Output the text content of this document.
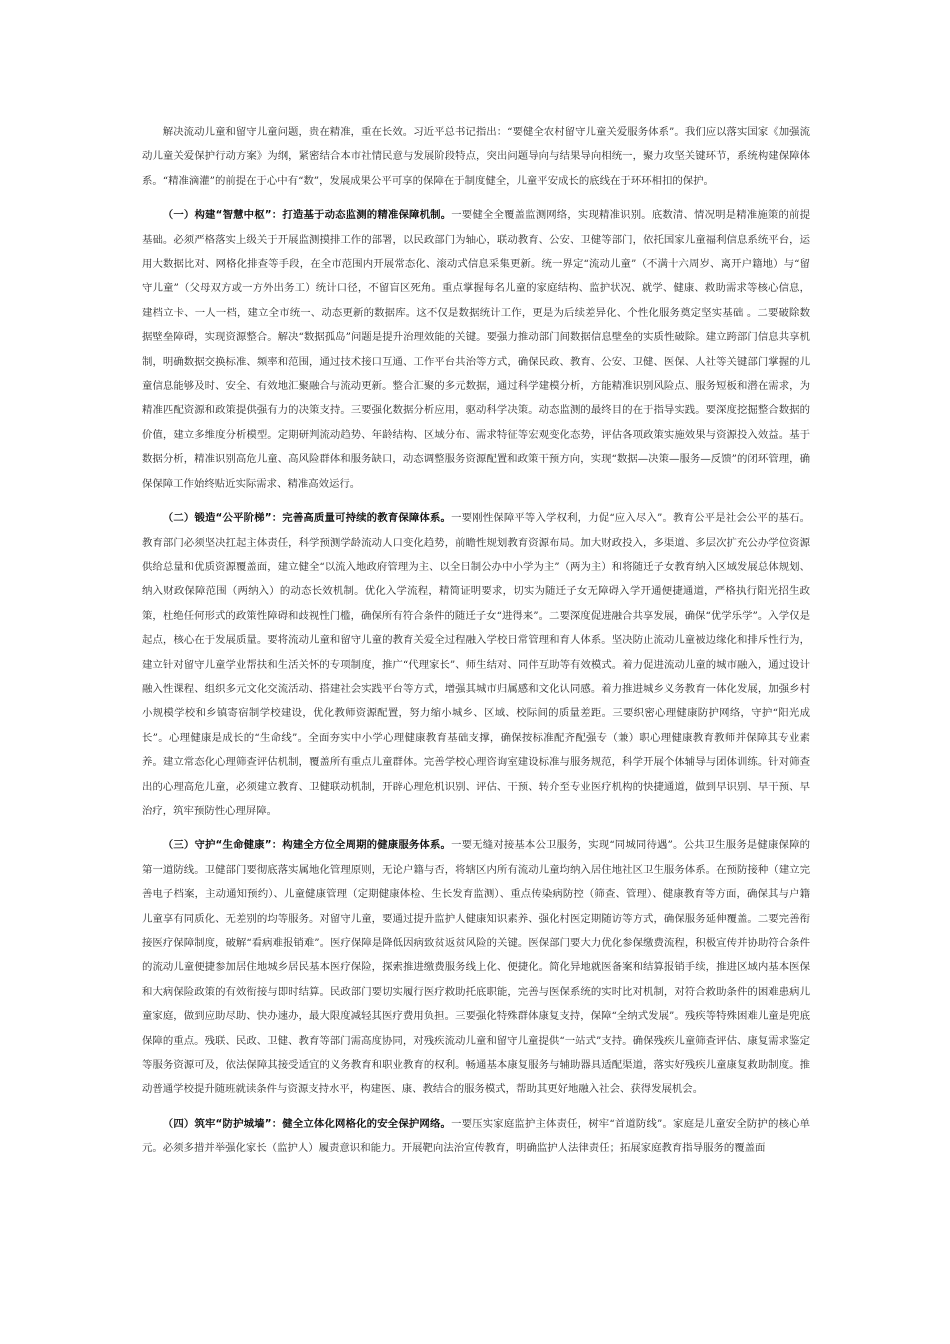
解决流动儿童和留守儿童问题，贵在精准，重在长效。习近平总书记指出：“要健全农村留守儿童关爱服务体系”。我们应以落实国家《加强流动儿童关爱保护行动方案》为纲，紧密结合本市社情民意与发展阶段特点，突出问题导向与结果导向相统一，聚力攻坚关键环节，系统构建保障体系。“精准滴灌”的前提在于心中有“数”，发展成果公平可享的保障在于制度健全，儿童平安成长的底线在于环环相扣的保护。

（一）构建“智慧中枢”：打造基于动态监测的精准保障机制。一要健全全覆盖监测网络，实现精准识别。底数清、情况明是精准施策的前提基础。必须严格落实上级关于开展监测摸排工作的部署，以民政部门为轴心，联动教育、公安、卫健等部门，依托国家儿童福利信息系统平台，运用大数据比对、网格化排查等手段，在全市范围内开展常态化、滚动式信息采集更新。统一界定“流动儿童”（不满十六周岁、离开户籍地）与“留守儿童”（父母双方或一方外出务工）统计口径，不留盲区死角。重点掌握每名儿童的家庭结构、监护状况、就学、健康、救助需求等核心信息，建档立卡、一人一档，建立全市统一、动态更新的数据库。这不仅是数据统计工作，更是为后续差异化、个性化服务奠定坚实基础 。二要破除数据壁垒障碍，实现资源整合。解决“数据孤岛”问题是提升治理效能的关键。要强力推动部门间数据信息壁垒的实质性破除。建立跨部门信息共享机制，明确数据交换标准、频率和范围，通过技术接口互通、工作平台共治等方式，确保民政、教育、公安、卫健、医保、人社等关键部门掌握的儿童信息能够及时、安全、有效地汇聚融合与流动更新。整合汇聚的多元数据，通过科学建模分析，方能精准识别风险点、服务短板和潜在需求，为精准匹配资源和政策提供强有力的决策支持。三要强化数据分析应用，驱动科学决策。动态监测的最终目的在于指导实践。要深度挖掘整合数据的价值，建立多维度分析模型。定期研判流动趋势、年龄结构、区域分布、需求特征等宏观变化态势，评估各项政策实施效果与资源投入效益。基于数据分析，精准识别高危儿童、高风险群体和服务缺口，动态调整服务资源配置和政策干预方向，实现“数据—决策—服务—反馈”的闭环管理，确保保障工作始终贴近实际需求、精准高效运行。

（二）锻造“公平阶梯”：完善高质量可持续的教育保障体系。一要刚性保障平等入学权利，力促“应入尽入”。教育公平是社会公平的基石。教育部门必须坚决扛起主体责任，科学预测学龄流动人口变化趋势，前瞻性规划教育资源布局。加大财政投入，多渠道、多层次扩充公办学位资源供给总量和优质资源覆盖面，建立健全“以流入地政府管理为主、以全日制公办中小学为主”（两为主）和将随迁子女教育纳入区域发展总体规划、纳入财政保障范围（两纳入）的动态长效机制。优化入学流程，精简证明要求，切实为随迁子女无障碍入学开通便捷通道，严格执行阳光招生政策，杜绝任何形式的政策性障碍和歧视性门槛，确保所有符合条件的随迁子女“进得来”。二要深度促进融合共享发展，确保“优学乐学”。入学仅是起点，核心在于发展质量。要将流动儿童和留守儿童的教育关爱全过程融入学校日常管理和育人体系。坚决防止流动儿童被边缘化和排斥性行为，建立针对留守儿童学业帮扶和生活关怀的专项制度，推广“代理家长”、师生结对、同伴互助等有效模式。着力促进流动儿童的城市融入，通过设计融入性课程、组织多元文化交流活动、搭建社会实践平台等方式，增强其城市归属感和文化认同感。着力推进城乡义务教育一体化发展，加强乡村小规模学校和乡镇寄宿制学校建设，优化教师资源配置，努力缩小城乡、区域、校际间的质量差距。三要织密心理健康防护网络，守护“阳光成长”。心理健康是成长的“生命线”。全面夯实中小学心理健康教育基础支撑，确保按标准配齐配强专（兼）职心理健康教育教师并保障其专业素养。建立常态化心理筛查评估机制，覆盖所有重点儿童群体。完善学校心理咨询室建设标准与服务规范，科学开展个体辅导与团体训练。针对筛查出的心理高危儿童，必须建立教育、卫健联动机制，开辟心理危机识别、评估、干预、转介至专业医疗机构的快捷通道，做到早识别、早干预、早治疗，筑牢预防性心理屏障。

（三）守护“生命健康”：构建全方位全周期的健康服务体系。一要无缝对接基本公卫服务，实现“同城同待遇”。公共卫生服务是健康保障的第一道防线。卫健部门要彻底落实属地化管理原则，无论户籍与否，将辖区内所有流动儿童均纳入居住地社区卫生服务体系。在预防接种（建立完善电子档案，主动通知预约）、儿童健康管理（定期健康体检、生长发育监测）、重点传染病防控（筛查、管理）、健康教育等方面，确保其与户籍儿童享有同质化、无差别的均等服务。对留守儿童，要通过提升监护人健康知识素养、强化村医定期随访等方式，确保服务延伸覆盖。二要完善衔接医疗保障制度，破解“看病难报销难”。医疗保障是降低因病致贫返贫风险的关键。医保部门要大力优化参保缴费流程，积极宣传并协助符合条件的流动儿童便捷参加居住地城乡居民基本医疗保险，探索推进缴费服务线上化、便捷化。简化异地就医备案和结算报销手续，推进区域内基本医保和大病保险政策的有效衔接与即时结算。民政部门要切实履行医疗救助托底职能，完善与医保系统的实时比对机制，对符合救助条件的困难患病儿童家庭，做到应助尽助、快办速办，最大限度减轻其医疗费用负担。三要强化特殊群体康复支持，保障“全纳式发展”。残疾等特殊困难儿童是兜底保障的重点。残联、民政、卫健、教育等部门需高度协同，对残疾流动儿童和留守儿童提供“一站式”支持。确保残疾儿童筛查评估、康复需求鉴定等服务资源可及，依法保障其接受适宜的义务教育和职业教育的权利。畅通基本康复服务与辅助器具适配渠道，落实好残疾儿童康复救助制度。推动普通学校提升随班就读条件与资源支持水平，构建医、康、教结合的服务模式，帮助其更好地融入社会、获得发展机会。

（四）筑牢“防护城墙”：健全立体化网格化的安全保护网络。一要压实家庭监护主体责任，树牢“首道防线”。家庭是儿童安全防护的核心单元。必须多措并举强化家长（监护人）履责意识和能力。开展靶向法治宣传教育，明确监护人法律责任；拓展家庭教育指导服务的覆盖面
